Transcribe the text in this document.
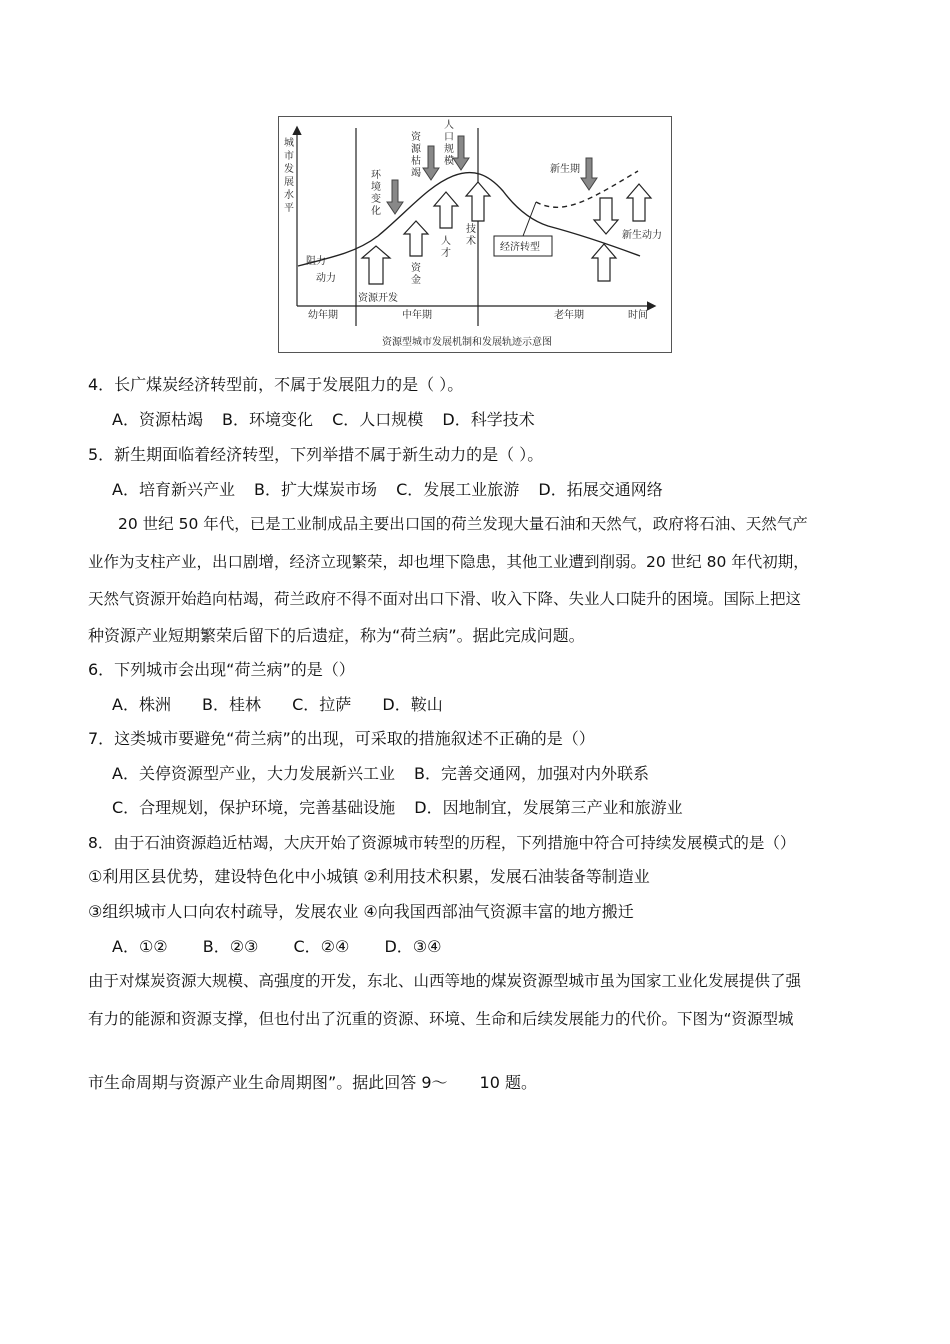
城
市
发
展
水
平
阻力
动力
资源开发
环
境
变
化
资
源
枯
竭
人
口
规
模
资
金
人
才
技
术
经济转型
新生期
新生动力
幼年期	中年期	老年期	时间
资源型城市发展机制和发展轨迹示意图
4．长广煤炭经济转型前，不属于发展阻力的是（ ）。
A．资源枯竭 B．环境变化 C．人口规模 D．科学技术
5．新生期面临着经济转型，下列举措不属于新生动力的是（ ）。
A．培育新兴产业 B．扩大煤炭市场 C．发展工业旅游 D．拓展交通网络
20 世纪 50 年代，已是工业制成品主要出口国的荷兰发现大量石油和天然气，政府将石油、天然气产
业作为支柱产业，出口剧增，经济立现繁荣，却也埋下隐患，其他工业遭到削弱。20 世纪 80 年代初期，
天然气资源开始趋向枯竭，荷兰政府不得不面对出口下滑、收入下降、失业人口陡升的困境。国际上把这
种资源产业短期繁荣后留下的后遗症，称为“荷兰病”。据此完成问题。
6．下列城市会出现“荷兰病”的是（）
A．株洲 B．桂林 C．拉萨 D．鞍山
7．这类城市要避免“荷兰病”的出现，可采取的措施叙述不正确的是（）
A．关停资源型产业，大力发展新兴工业 B．完善交通网，加强对内外联系
C．合理规划，保护环境，完善基础设施 D．因地制宜，发展第三产业和旅游业
8．由于石油资源趋近枯竭，大庆开始了资源城市转型的历程，下列措施中符合可持续发展模式的是（）
①利用区县优势，建设特色化中小城镇 ②利用技术积累，发展石油装备等制造业
③组织城市人口向农村疏导，发展农业 ④向我国西部油气资源丰富的地方搬迁
A．①② B．②③ C．②④ D．③④
由于对煤炭资源大规模、高强度的开发，东北、山西等地的煤炭资源型城市虽为国家工业化发展提供了强
有力的能源和资源支撑，但也付出了沉重的资源、环境、生命和后续发展能力的代价。下图为“资源型城
市生命周期与资源产业生命周期图”。据此回答 9～　　10 题。
